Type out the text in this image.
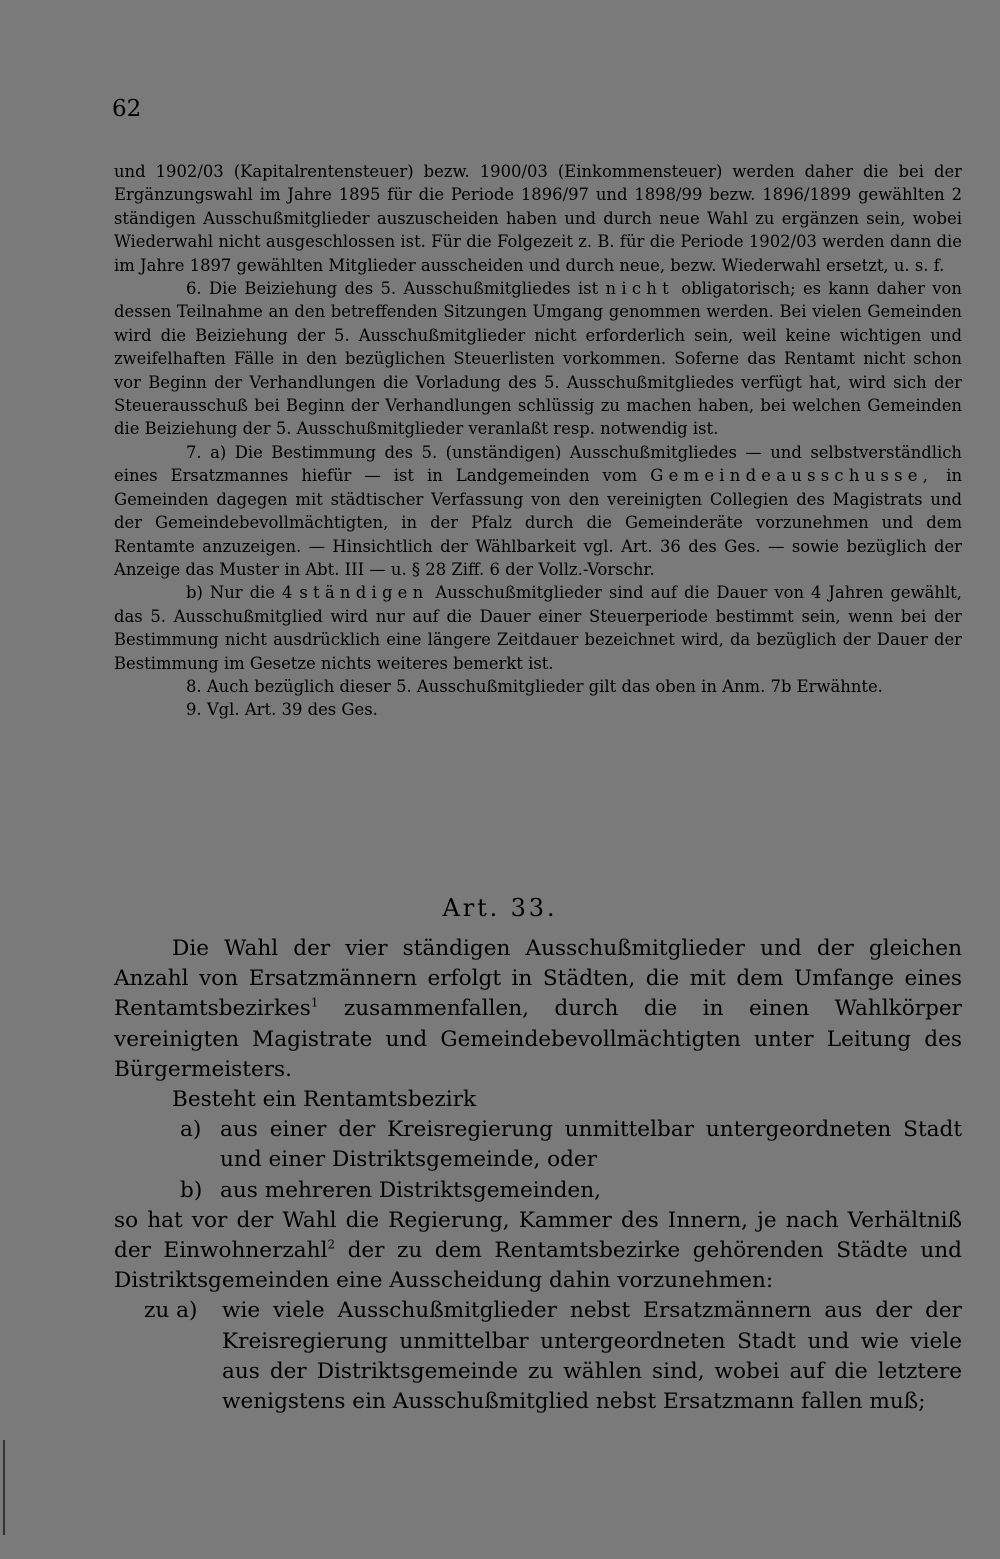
62

und 1902/03 (Kapitalrentensteuer) bezw. 1900/03 (Einkommensteuer) werden daher die bei der Ergänzungswahl im Jahre 1895 für die Periode 1896/97 und 1898/99 bezw. 1896/1899 gewählten 2 ständigen Ausschußmitglieder auszuscheiden haben und durch neue Wahl zu ergänzen sein, wobei Wiederwahl nicht ausgeschlossen ist. Für die Folgezeit z. B. für die Periode 1902/03 werden dann die im Jahre 1897 gewählten Mitglieder ausscheiden und durch neue, bezw. Wiederwahl ersetzt, u. s. f.

6. Die Beiziehung des 5. Ausschußmitgliedes ist nicht obligatorisch; es kann daher von dessen Teilnahme an den betreffenden Sitzungen Umgang genommen werden. Bei vielen Gemeinden wird die Beiziehung der 5. Ausschußmitglieder nicht erforderlich sein, weil keine wichtigen und zweifelhaften Fälle in den bezüglichen Steuerlisten vorkommen. Soferne das Rentamt nicht schon vor Beginn der Verhandlungen die Vorladung des 5. Ausschußmitgliedes verfügt hat, wird sich der Steuerausschuß bei Beginn der Verhandlungen schlüssig zu machen haben, bei welchen Gemeinden die Beiziehung der 5. Ausschußmitglieder veranlaßt resp. notwendig ist.

7. a) Die Bestimmung des 5. (unständigen) Ausschußmitgliedes — und selbstverständlich eines Ersatzmannes hiefür — ist in Landgemeinden vom Gemeindeausschusse, in Gemeinden dagegen mit städtischer Verfassung von den vereinigten Collegien des Magistrats und der Gemeindebevollmächtigten, in der Pfalz durch die Gemeinderäte vorzunehmen und dem Rentamte anzuzeigen. — Hinsichtlich der Wählbarkeit vgl. Art. 36 des Ges. — sowie bezüglich der Anzeige das Muster in Abt. III — u. § 28 Ziff. 6 der Vollz.-Vorschr.

b) Nur die 4 ständigen Ausschußmitglieder sind auf die Dauer von 4 Jahren gewählt, das 5. Ausschußmitglied wird nur auf die Dauer einer Steuerperiode bestimmt sein, wenn bei der Bestimmung nicht ausdrücklich eine längere Zeitdauer bezeichnet wird, da bezüglich der Dauer der Bestimmung im Gesetze nichts weiteres bemerkt ist.

8. Auch bezüglich dieser 5. Ausschußmitglieder gilt das oben in Anm. 7b Erwähnte.

9. Vgl. Art. 39 des Ges.

Art. 33.

Die Wahl der vier ständigen Ausschußmitglieder und der gleichen Anzahl von Ersatzmännern erfolgt in Städten, die mit dem Umfange eines Rentamtsbezirkes$^1$ zusammenfallen, durch die in einen Wahlkörper vereinigten Magistrate und Gemeindebevollmächtigten unter Leitung des Bürgermeisters.

Besteht ein Rentamtsbezirk

a) aus einer der Kreisregierung unmittelbar untergeordneten Stadt und einer Distriktsgemeinde, oder
b) aus mehreren Distriktsgemeinden,

so hat vor der Wahl die Regierung, Kammer des Innern, je nach Verhältniß der Einwohnerzahl$^2$ der zu dem Rentamtsbezirke gehörenden Städte und Distriktsgemeinden eine Ausscheidung dahin vorzunehmen:

zu a)	wie viele Ausschußmitglieder nebst Ersatzmännern aus der der Kreisregierung unmittelbar untergeordneten Stadt und wie viele aus der Distriktsgemeinde zu wählen sind, wobei auf die letztere wenigstens ein Ausschußmitglied nebst Ersatzmann fallen muß;
